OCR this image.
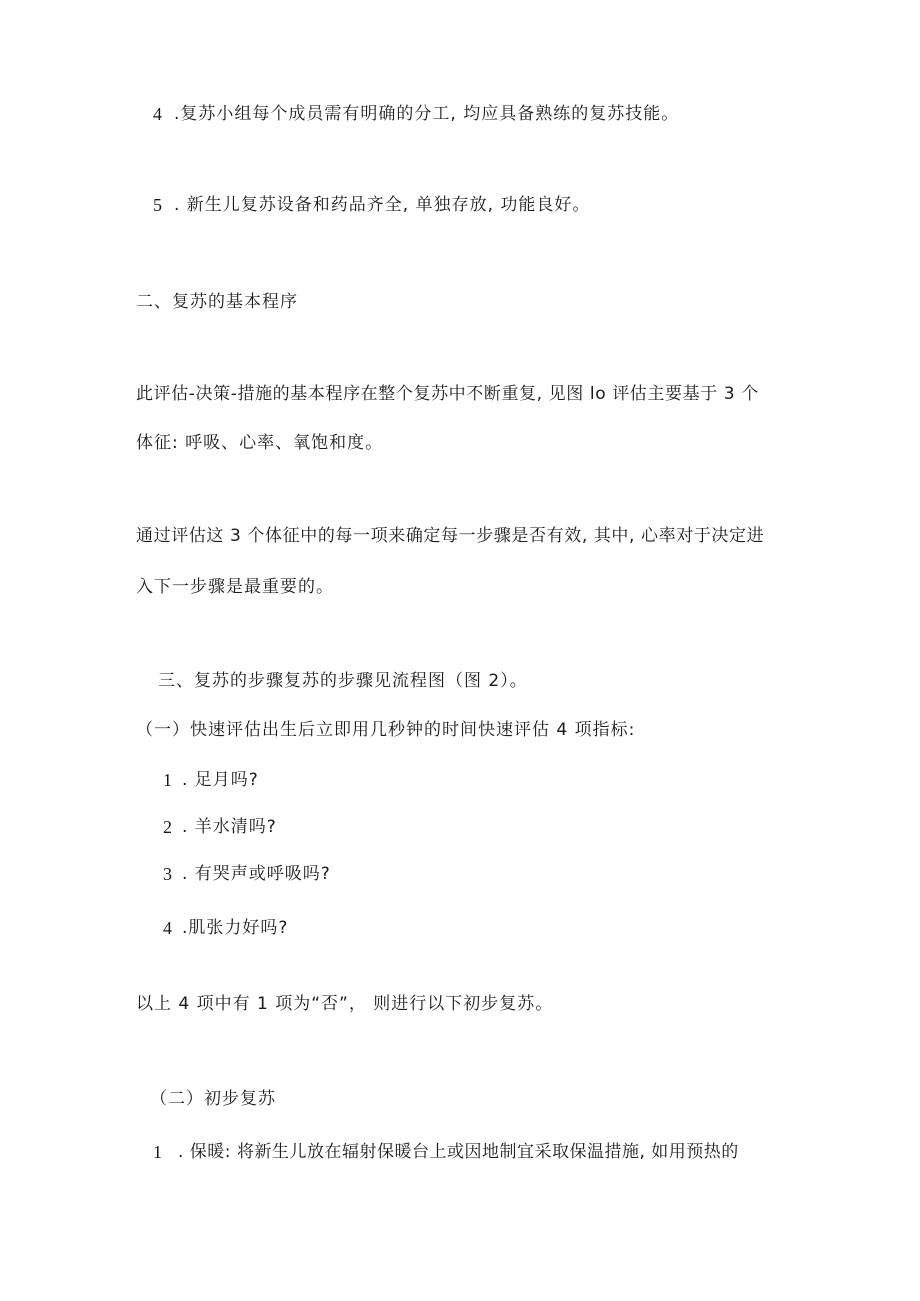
4 .复苏小组每个成员需有明确的分工, 均应具备熟练的复苏技能。
5 . 新生儿复苏设备和药品齐全, 单独存放, 功能良好。
二、复苏的基本程序
此评估-决策-措施的基本程序在整个复苏中不断重复, 见图 lo 评估主要基于 3 个
体征: 呼吸、心率、氧饱和度。
通过评估这 3 个体征中的每一项来确定每一步骤是否有效, 其中, 心率对于决定进
入下一步骤是最重要的。
三、复苏的步骤复苏的步骤见流程图（图 2）。
（一）快速评估出生后立即用几秒钟的时间快速评估 4 项指标:
1 . 足月吗?
2 . 羊水清吗?
3 . 有哭声或呼吸吗?
4 .肌张力好吗?
以上 4 项中有 1 项为“否”， 则进行以下初步复苏。
（二）初步复苏
1 . 保暖: 将新生儿放在辐射保暖台上或因地制宜采取保温措施, 如用预热的
